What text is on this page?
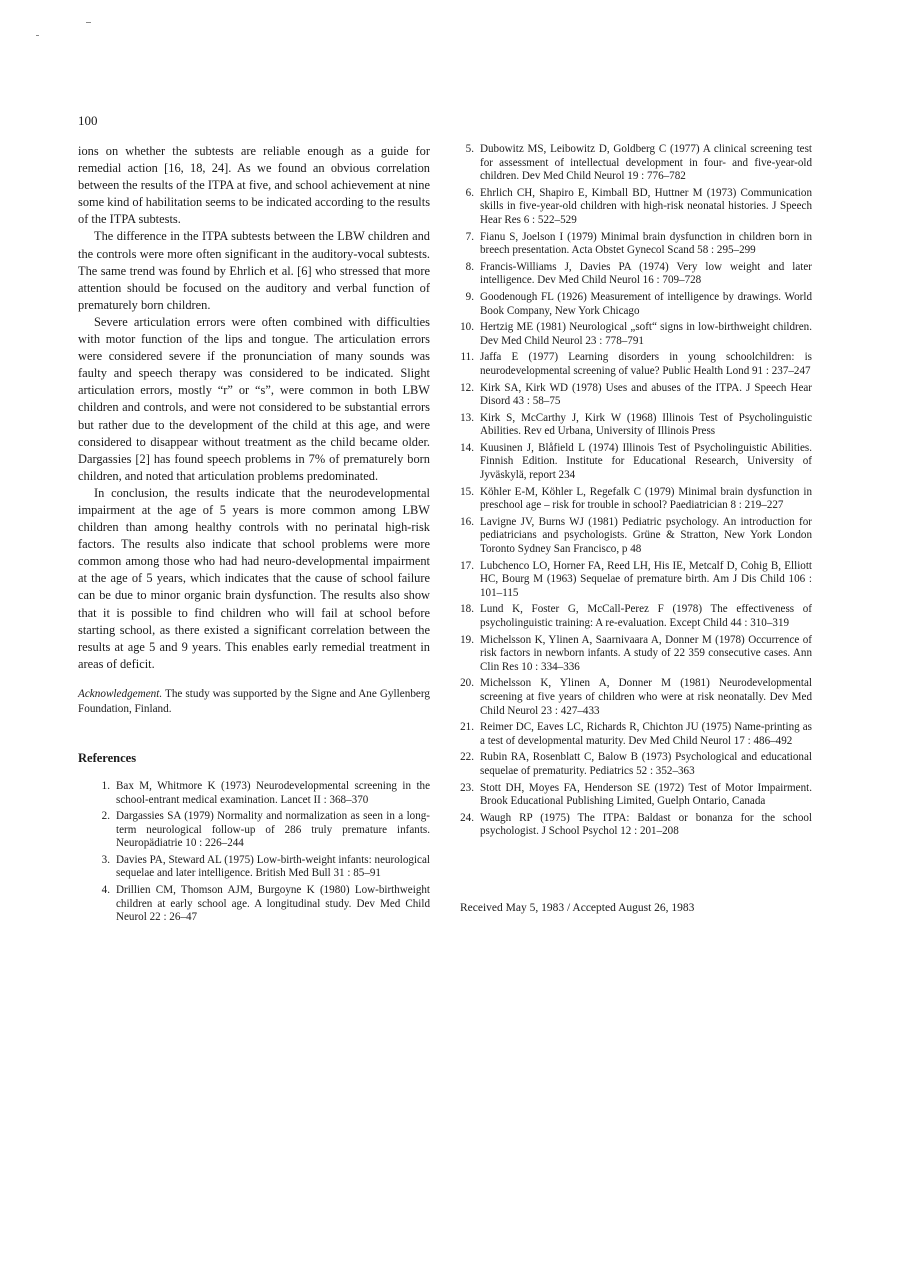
100

ions on whether the subtests are reliable enough as a guide for remedial action [16, 18, 24]. As we found an obvious correlation between the results of the ITPA at five, and school achievement at nine some kind of habilitation seems to be indicated according to the results of the ITPA subtests.

The difference in the ITPA subtests between the LBW children and the controls were more often significant in the auditory-vocal subtests. The same trend was found by Ehrlich et al. [6] who stressed that more attention should be focused on the auditory and verbal function of prematurely born children.

Severe articulation errors were often combined with difficulties with motor function of the lips and tongue. The articulation errors were considered severe if the pronunciation of many sounds was faulty and speech therapy was considered to be indicated. Slight articulation errors, mostly “r” or “s”, were common in both LBW children and controls, and were not considered to be substantial errors but rather due to the development of the child at this age, and were considered to disappear without treatment as the child became older. Dargassies [2] has found speech problems in 7% of prematurely born children, and noted that articulation problems predominated.

In conclusion, the results indicate that the neurodevelopmental impairment at the age of 5 years is more common among LBW children than among healthy controls with no perinatal high-risk factors. The results also indicate that school problems were more common among those who had had neuro-developmental impairment at the age of 5 years, which indicates that the cause of school failure can be due to minor organic brain dysfunction. The results also show that it is possible to find children who will fail at school before starting school, as there existed a significant correlation between the results at age 5 and 9 years. This enables early remedial treatment in areas of deficit.

Acknowledgement. The study was supported by the Signe and Ane Gyllenberg Foundation, Finland.

References
1. Bax M, Whitmore K (1973) Neurodevelopmental screening in the school-entrant medical examination. Lancet II : 368–370
2. Dargassies SA (1979) Normality and normalization as seen in a long-term neurological follow-up of 286 truly premature infants. Neuropädiatrie 10 : 226–244
3. Davies PA, Steward AL (1975) Low-birth-weight infants: neurological sequelae and later intelligence. British Med Bull 31 : 85–91
4. Drillien CM, Thomson AJM, Burgoyne K (1980) Low-birthweight children at early school age. A longitudinal study. Dev Med Child Neurol 22 : 26–47
5. Dubowitz MS, Leibowitz D, Goldberg C (1977) A clinical screening test for assessment of intellectual development in four- and five-year-old children. Dev Med Child Neurol 19 : 776–782
6. Ehrlich CH, Shapiro E, Kimball BD, Huttner M (1973) Communication skills in five-year-old children with high-risk neonatal histories. J Speech Hear Res 6 : 522–529
7. Fianu S, Joelson I (1979) Minimal brain dysfunction in children born in breech presentation. Acta Obstet Gynecol Scand 58 : 295–299
8. Francis-Williams J, Davies PA (1974) Very low weight and later intelligence. Dev Med Child Neurol 16 : 709–728
9. Goodenough FL (1926) Measurement of intelligence by drawings. World Book Company, New York Chicago
10. Hertzig ME (1981) Neurological „soft“ signs in low-birthweight children. Dev Med Child Neurol 23 : 778–791
11. Jaffa E (1977) Learning disorders in young schoolchildren: is neurodevelopmental screening of value? Public Health Lond 91 : 237–247
12. Kirk SA, Kirk WD (1978) Uses and abuses of the ITPA. J Speech Hear Disord 43 : 58–75
13. Kirk S, McCarthy J, Kirk W (1968) Illinois Test of Psycholinguistic Abilities. Rev ed Urbana, University of Illinois Press
14. Kuusinen J, Blåfield L (1974) Illinois Test of Psycholinguistic Abilities. Finnish Edition. Institute for Educational Research, University of Jyväskylä, report 234
15. Köhler E-M, Köhler L, Regefalk C (1979) Minimal brain dysfunction in preschool age – risk for trouble in school? Paediatrician 8 : 219–227
16. Lavigne JV, Burns WJ (1981) Pediatric psychology. An introduction for pediatricians and psychologists. Grüne & Stratton, New York London Toronto Sydney San Francisco, p 48
17. Lubchenco LO, Horner FA, Reed LH, His IE, Metcalf D, Cohig B, Elliott HC, Bourg M (1963) Sequelae of premature birth. Am J Dis Child 106 : 101–115
18. Lund K, Foster G, McCall-Perez F (1978) The effectiveness of psycholinguistic training: A re-evaluation. Except Child 44 : 310–319
19. Michelsson K, Ylinen A, Saarnivaara A, Donner M (1978) Occurrence of risk factors in newborn infants. A study of 22 359 consecutive cases. Ann Clin Res 10 : 334–336
20. Michelsson K, Ylinen A, Donner M (1981) Neurodevelopmental screening at five years of children who were at risk neonatally. Dev Med Child Neurol 23 : 427–433
21. Reimer DC, Eaves LC, Richards R, Chichton JU (1975) Name-printing as a test of developmental maturity. Dev Med Child Neurol 17 : 486–492
22. Rubin RA, Rosenblatt C, Balow B (1973) Psychological and educational sequelae of prematurity. Pediatrics 52 : 352–363
23. Stott DH, Moyes FA, Henderson SE (1972) Test of Motor Impairment. Brook Educational Publishing Limited, Guelph Ontario, Canada
24. Waugh RP (1975) The ITPA: Baldast or bonanza for the school psychologist. J School Psychol 12 : 201–208
Received May 5, 1983 / Accepted August 26, 1983
